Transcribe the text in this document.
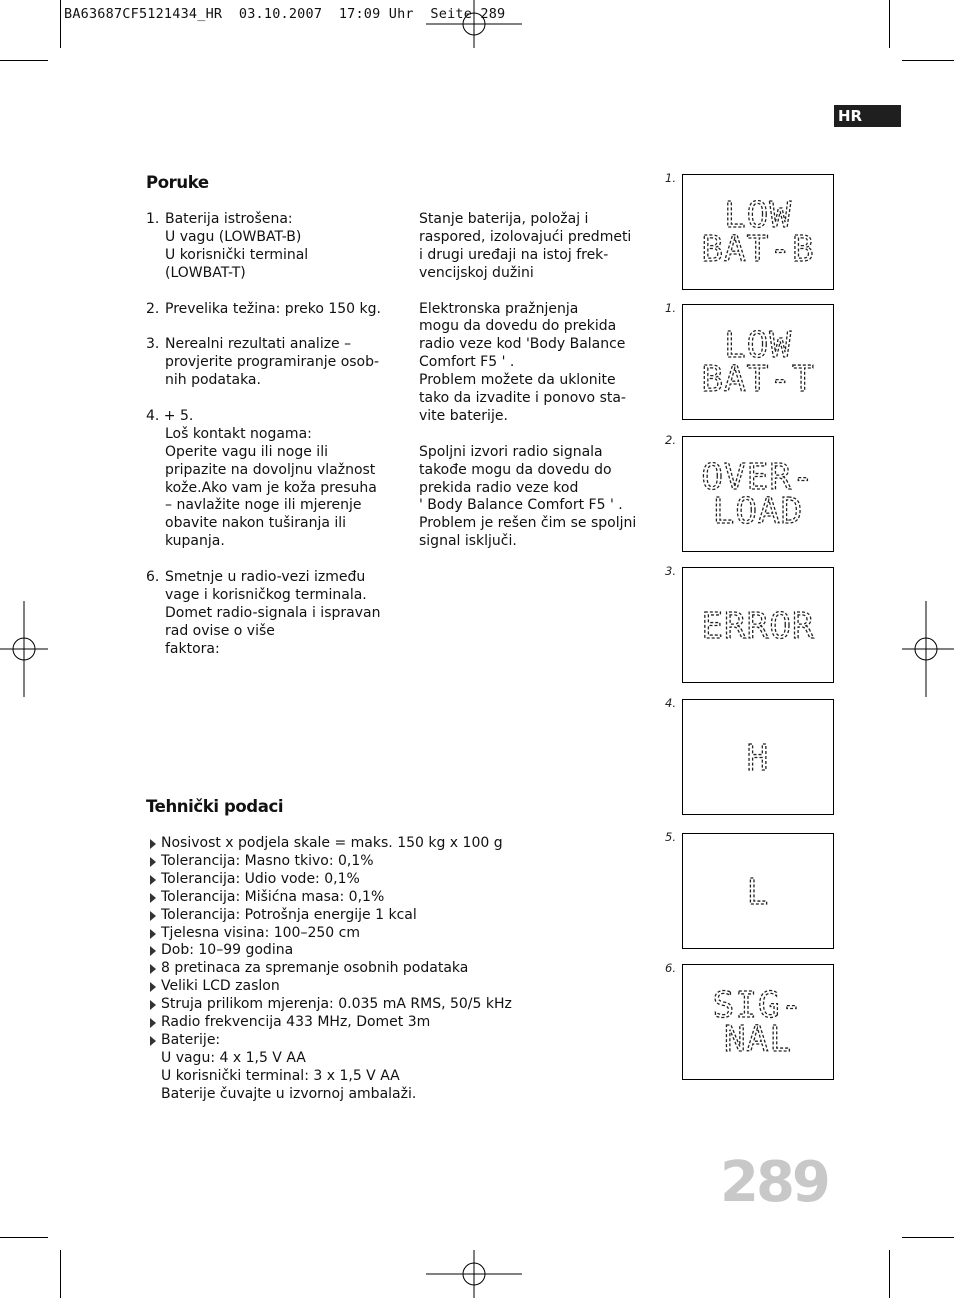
BA63687CF5121434_HR  03.10.2007  17:09 Uhr  Seite 289
HR
Poruke
1. Baterija istrošena:
U vagu (LOWBAT-B)
U korisnički terminal
(LOWBAT-T)
2. Prevelika težina: preko 150 kg.
3. Nerealni rezultati analize –
provjerite programiranje osob-
nih podataka.
4. + 5.

Loš kontakt nogama:
Operite vagu ili noge ili
pripazite na dovoljnu vlažnost
kože.Ako vam je koža presuha
– navlažite noge ili mjerenje
obavite nakon tuširanja ili
kupanja.
6. Smetnje u radio-vezi između
vage i korisničkog terminala.
Domet radio-signala i ispravan
rad ovise o više
faktora:
Stanje baterija, položaj i
raspored, izolovajući predmeti
i drugi uređaji na istoj frek-
vencijskoj dužini
Elektronska pražnjenja
mogu da dovedu do prekida
radio veze kod 'Body Balance
Comfort F5 ' .
Problem možete da uklonite
tako da izvadite i ponovo sta-
vite baterije.
Spoljni izvori radio signala
takođe mogu da dovedu do
prekida radio veze kod
' Body Balance Comfort F5 ' .
Problem je rešen čim se spoljni
signal isključi.
Tehnički podaci
Nosivost x podjela skale = maks. 150 kg x 100 g
Tolerancija: Masno tkivo: 0,1%
Tolerancija: Udio vode: 0,1%
Tolerancija: Mišićna masa: 0,1%
Tolerancija: Potrošnja energije 1 kcal
Tjelesna visina: 100–250 cm
Dob: 10–99 godina
8 pretinaca za spremanje osobnih podataka
Veliki LCD zaslon
Struja prilikom mjerenja: 0.035 mA RMS, 50/5 kHz
Radio frekvencija 433 MHz, Domet 3m
Baterije:
U vagu: 4 x 1,5 V AA
U korisnički terminal: 3 x 1,5 V AA
Baterije čuvajte u izvornoj ambalaži.
1.
LOW
BAT-B
1.
LOW
BAT-T
2.
OVER-
LOAD
3.
ERROR
4.
H
5.
L
6.
SIG-
NAL
289
